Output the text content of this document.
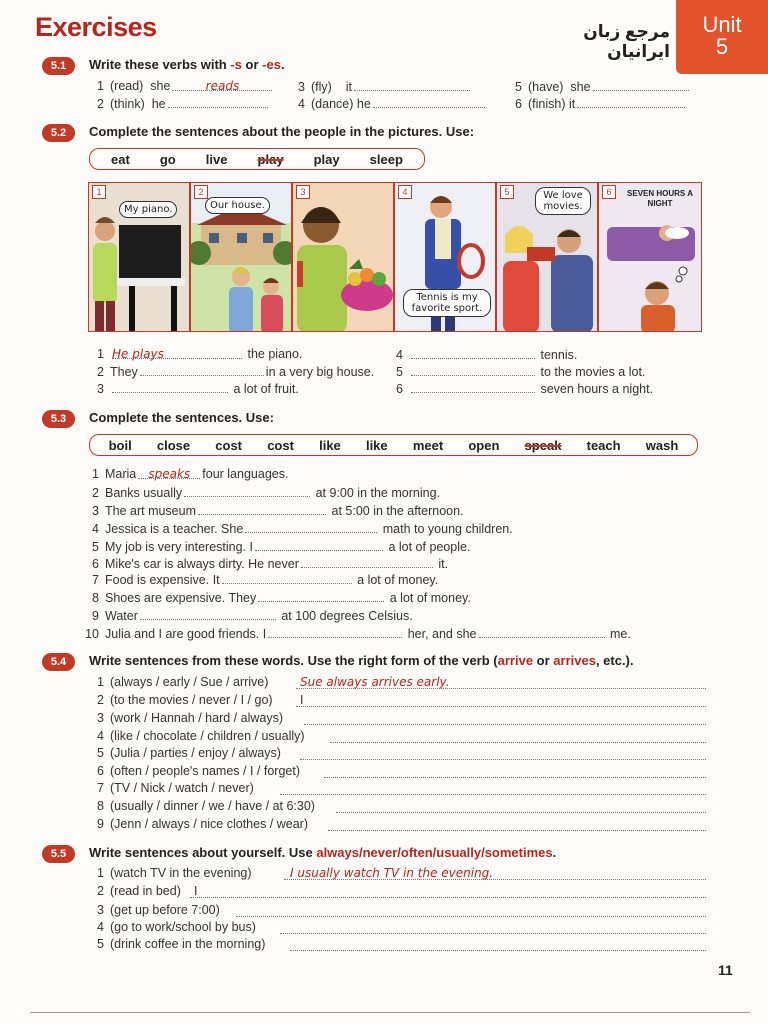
Exercises	مرجع زبان ایرانیان
Unit
5
5.1	Write these verbs with -s or -es.
1 (read) she	reads
2 (think) he
3 (fly) it
4 (dance) he
5 (have) she
6 (finish) it
5.2	Complete the sentences about the people in the pictures. Use:
eat go live play play sleep
1
My piano.
2
Our house.
3	4
Tennis is my favorite sport.
5	We love movies.
6	SEVEN HOURS A NIGHT
1 He plays	the piano.
2 They	in a very big house.
3	a lot of fruit.
4	tennis.
5	to the movies a lot.
6	seven hours a night.
5.3	Complete the sentences. Use:
boil close cost cost like like meet open speak teach wash
1 Maria speaks four languages.
2 Banks usually	at 9:00 in the morning.
3 The art museum	at 5:00 in the afternoon.
4 Jessica is a teacher. She	math to young children.
5 My job is very interesting. I	a lot of people.
6 Mike's car is always dirty. He never	it.
7 Food is expensive. It	a lot of money.
8 Shoes are expensive. They	a lot of money.
9 Water	at 100 degrees Celsius.
10 Julia and I are good friends. I	her, and she	me.
5.4	Write sentences from these words. Use the right form of the verb (arrive or arrives, etc.).
1 (always / early / Sue / arrive)	Sue always arrives early.
2 (to the movies / never / I / go)	I
3 (work / Hannah / hard / always)
4 (like / chocolate / children / usually)
5 (Julia / parties / enjoy / always)
6 (often / people's names / I / forget)
7 (TV / Nick / watch / never)
8 (usually / dinner / we / have / at 6:30)
9 (Jenn / always / nice clothes / wear)
5.5	Write sentences about yourself. Use always/never/often/usually/sometimes.
1 (watch TV in the evening)	I usually watch TV in the evening.
2 (read in bed)	I
3 (get up before 7:00)
4 (go to work/school by bus)
5 (drink coffee in the morning)
11
